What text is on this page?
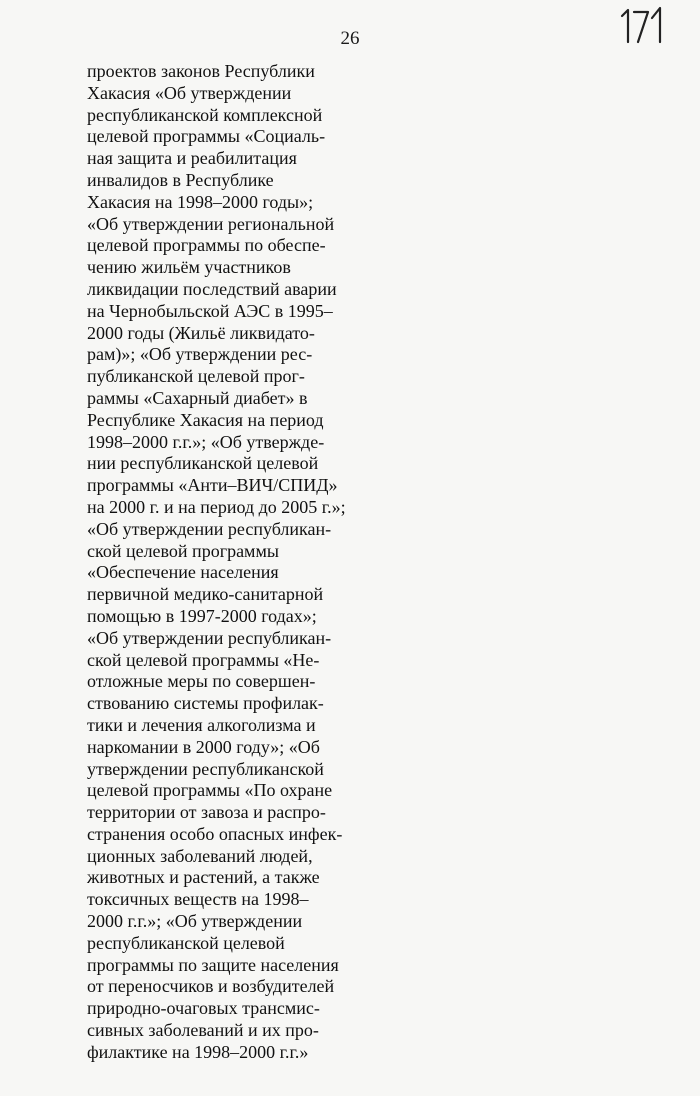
26
проектов законов Республики
Хакасия «Об утверждении
республиканской комплексной
целевой программы «Социаль-
ная защита и реабилитация
инвалидов в Республике
Хакасия на 1998–2000 годы»;
«Об утверждении региональной
целевой программы по обеспе-
чению жильём участников
ликвидации последствий аварии
на Чернобыльской АЭС в 1995–
2000 годы (Жильё ликвидато-
рам)»; «Об утверждении рес-
публиканской целевой прог-
раммы «Сахарный диабет» в
Республике Хакасия на период
1998–2000 г.г.»; «Об утвержде-
нии республиканской целевой
программы «Анти–ВИЧ/СПИД»
на 2000 г. и на период до 2005 г.»;
«Об утверждении республикан-
ской целевой программы
«Обеспечение населения
первичной медико-санитарной
помощью в 1997-2000 годах»;
«Об утверждении республикан-
ской целевой программы «Не-
отложные меры по совершен-
ствованию системы профилак-
тики и лечения алкоголизма и
наркомании в 2000 году»; «Об
утверждении республиканской
целевой программы «По охране
территории от завоза и распро-
странения особо опасных инфек-
ционных заболеваний людей,
животных и растений, а также
токсичных веществ на 1998–
2000 г.г.»; «Об утверждении
республиканской целевой
программы по защите населения
от переносчиков и возбудителей
природно-очаговых трансмис-
сивных заболеваний и их про-
филактике на 1998–2000 г.г.»
